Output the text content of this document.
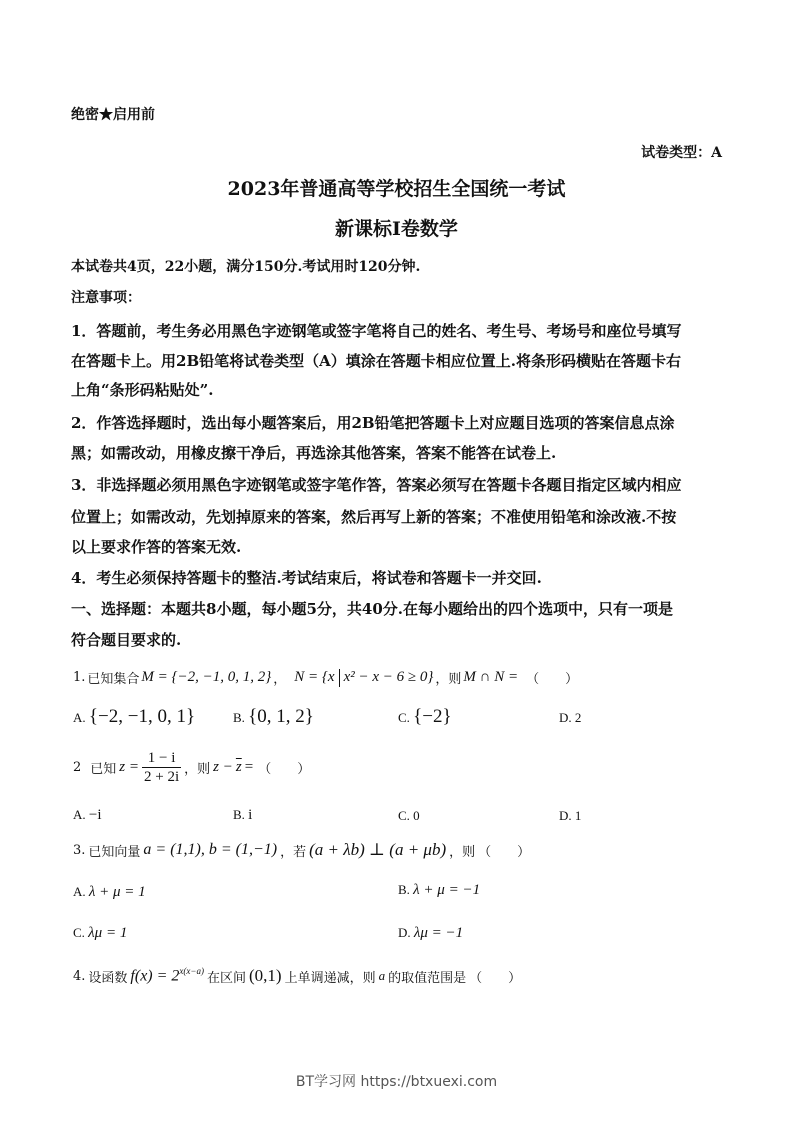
绝密★启用前
试卷类型：A
2023年普通高等学校招生全国统一考试
新课标Ⅰ卷数学
本试卷共4页，22小题，满分150分.考试用时120分钟.
注意事项：
1．答题前，考生务必用黑色字迹钢笔或签字笔将自己的姓名、考生号、考场号和座位号填写
在答题卡上。用2B铅笔将试卷类型（A）填涂在答题卡相应位置上.将条形码横贴在答题卡右
上角“条形码粘贴处”.
2．作答选择题时，选出每小题答案后，用2B铅笔把答题卡上对应题目选项的答案信息点涂
黑；如需改动，用橡皮擦干净后，再选涂其他答案，答案不能答在试卷上.
3．非选择题必须用黑色字迹钢笔或签字笔作答，答案必须写在答题卡各题目指定区域内相应
位置上；如需改动，先划掉原来的答案，然后再写上新的答案；不准使用铅笔和涂改液.不按
以上要求作答的答案无效.
4．考生必须保持答题卡的整洁.考试结束后，将试卷和答题卡一并交回.
一、选择题：本题共8小题，每小题5分，共40分.在每小题给出的四个选项中，只有一项是
符合题目要求的.
1. 已知集合 M = {−2, −1, 0, 1, 2} ， N = {x x² − x − 6 ≥ 0} ，则 M ∩ N = （　　）
A. {−2, −1, 0, 1}	B. {0, 1, 2}	C. {−2}	D. 2
2 已知 $z = \frac{1 - i}{2 + 2i}$ ，则 $z - \overline{z}$ = （　　）
A. −i	B. i	C. 0	D. 1
3. 已知向量 a = (1,1), b = (1,−1) ，若 (a + λb) ⊥ (a + μb) ，则 （　　）
A. λ + μ = 1	B. λ + μ = −1
C. λμ = 1	D. λμ = −1
4. 设函数 $f(x) = 2^{x(x-a)}$ 在区间 (0,1) 上单调递减，则 a 的取值范围是 （　　）
BT学习网 https://btxuexi.com
